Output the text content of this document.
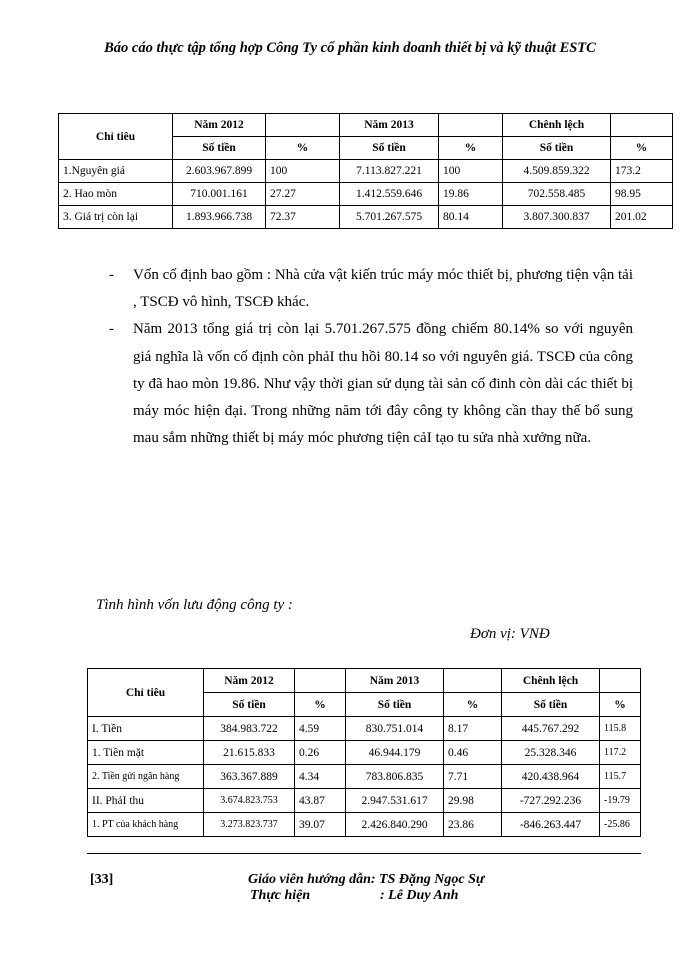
Báo cáo thực tập tổng hợp Công Ty cổ phần kinh doanh thiết bị và kỹ thuật ESTC
Chỉ tiêu	Năm 2012		Năm 2013		Chênh lệch	
	Số tiền	%	Số tiền	%	Số tiền	%
1.Nguyên giá	2.603.967.899	100	7.113.827.221	100	4.509.859.322	173.2
2. Hao mòn	710.001.161	27.27	1.412.559.646	19.86	702.558.485	98.95
3. Giá trị còn lại	1.893.966.738	72.37	5.701.267.575	80.14	3.807.300.837	201.02
- Vốn cố định bao gồm : Nhà cửa vật kiến trúc máy móc thiết bị, phương tiện vận tải , TSCĐ vô hình, TSCĐ khác.
- Năm 2013 tổng giá trị còn lại 5.701.267.575 đồng chiếm 80.14% so với nguyên giá nghĩa là vốn cố định còn phảI thu hồi 80.14 so với nguyên giá. TSCĐ của công ty đã hao mòn 19.86. Như vậy thời gian sử dụng tài sản cố đinh còn dài các thiết bị máy móc hiện đại. Trong những năm tới đây công ty không cần thay thế bổ sung mau sắm những thiết bị máy móc phương tiện cảI tạo tu sửa nhà xưởng nữa.
Tình hình vốn lưu động công ty :
Đơn vị: VNĐ
Chỉ tiêu	Năm 2012		Năm 2013		Chênh lệch	
	Số tiền	%	Số tiền	%	Số tiền	%
I. Tiền	384.983.722	4.59	830.751.014	8.17	445.767.292	115.8
1. Tiền mặt	21.615.833	0.26	46.944.179	0.46	25.328.346	117.2
2. Tiền gửi ngân hàng	363.367.889	4.34	783.806.835	7.71	420.438.964	115.7
II. PhảI thu	3.674.823.753	43.87	2.947.531.617	29.98	-727.292.236	-19.79
1. PT của khách hàng	3.273.823.737	39.07	2.426.840.290	23.86	-846.263.447	-25.86
[33]	Giáo viên hướng dẫn: TS Đặng Ngọc Sự
Thực hiện	: Lê Duy Anh
